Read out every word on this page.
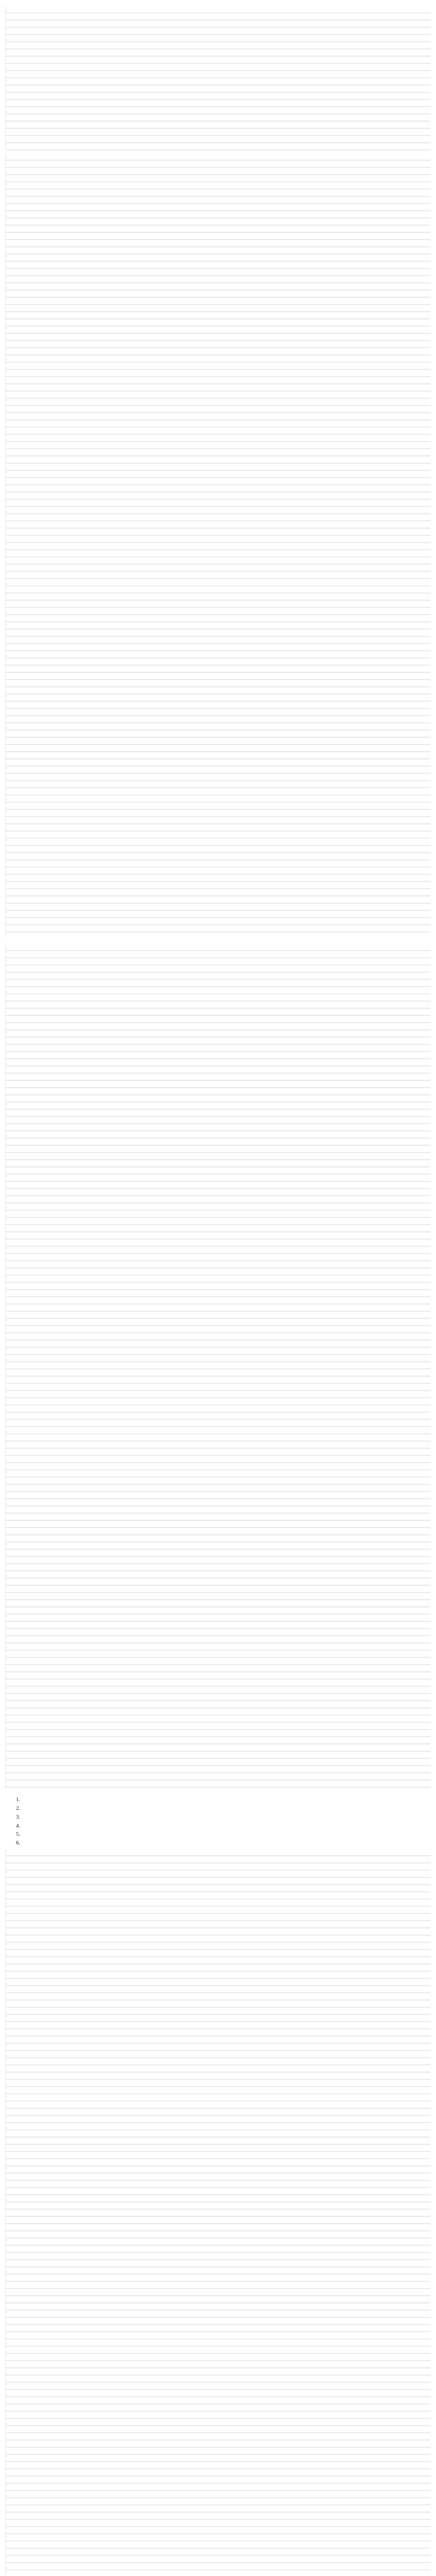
1.
2.
3.
4.
5.
6.
